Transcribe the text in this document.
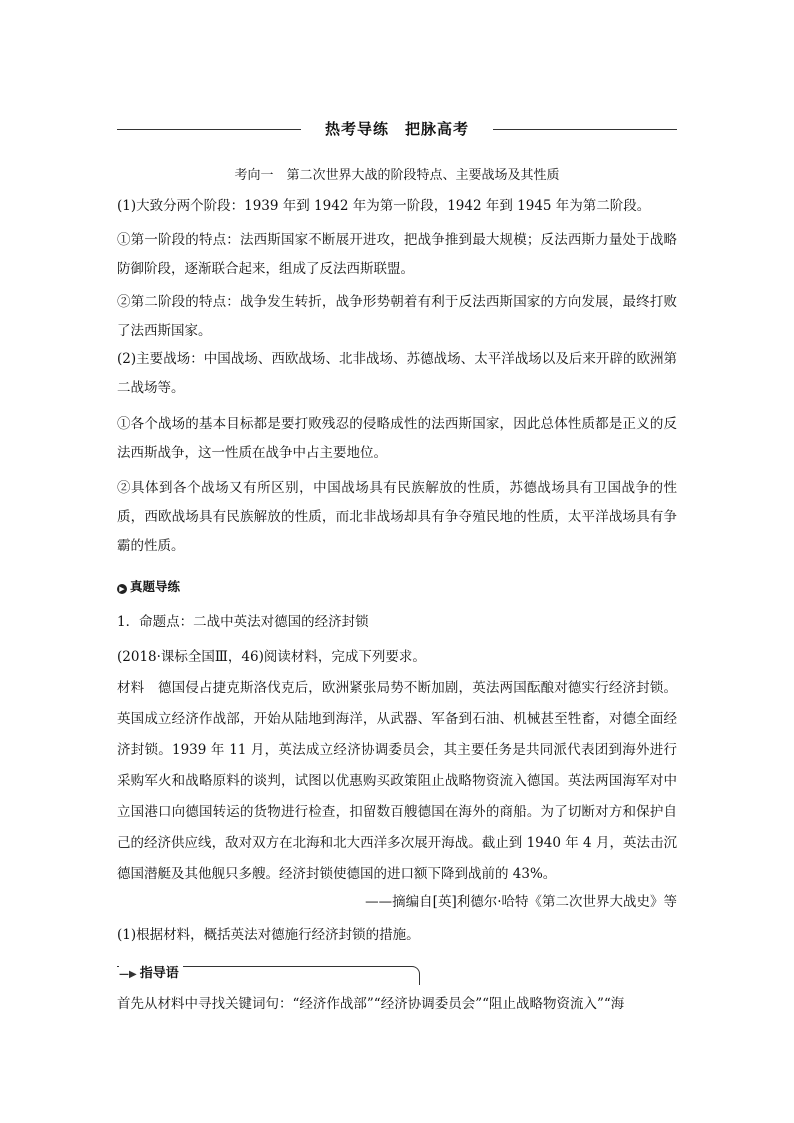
热考导练　把脉高考
考向一　第二次世界大战的阶段特点、主要战场及其性质

(1)大致分两个阶段：1939 年到 1942 年为第一阶段，1942 年到 1945 年为第二阶段。

①第一阶段的特点：法西斯国家不断展开进攻，把战争推到最大规模；反法西斯力量处于战略防御阶段，逐渐联合起来，组成了反法西斯联盟。

②第二阶段的特点：战争发生转折，战争形势朝着有利于反法西斯国家的方向发展，最终打败了法西斯国家。

(2)主要战场：中国战场、西欧战场、北非战场、苏德战场、太平洋战场以及后来开辟的欧洲第二战场等。

①各个战场的基本目标都是要打败残忍的侵略成性的法西斯国家，因此总体性质都是正义的反法西斯战争，这一性质在战争中占主要地位。

②具体到各个战场又有所区别，中国战场具有民族解放的性质，苏德战场具有卫国战争的性质，西欧战场具有民族解放的性质，而北非战场却具有争夺殖民地的性质，太平洋战场具有争霸的性质。

▶ 真题导练

1．命题点：二战中英法对德国的经济封锁

(2018·课标全国Ⅲ，46)阅读材料，完成下列要求。

材料　德国侵占捷克斯洛伐克后，欧洲紧张局势不断加剧，英法两国酝酿对德实行经济封锁。英国成立经济作战部，开始从陆地到海洋，从武器、军备到石油、机械甚至牲畜，对德全面经济封锁。1939 年 11 月，英法成立经济协调委员会，其主要任务是共同派代表团到海外进行采购军火和战略原料的谈判，试图以优惠购买政策阻止战略物资流入德国。英法两国海军对中立国港口向德国转运的货物进行检查，扣留数百艘德国在海外的商船。为了切断对方和保护自己的经济供应线，敌对双方在北海和北大西洋多次展开海战。截止到 1940 年 4 月，英法击沉德国潜艇及其他舰只多艘。经济封锁使德国的进口额下降到战前的 43%。

——摘编自[英]利德尔·哈特《第二次世界大战史》等

(1)根据材料，概括英法对德施行经济封锁的措施。

—▶ 指导语

首先从材料中寻找关键词句：“经济作战部”“经济协调委员会”“阻止战略物资流入”“海
